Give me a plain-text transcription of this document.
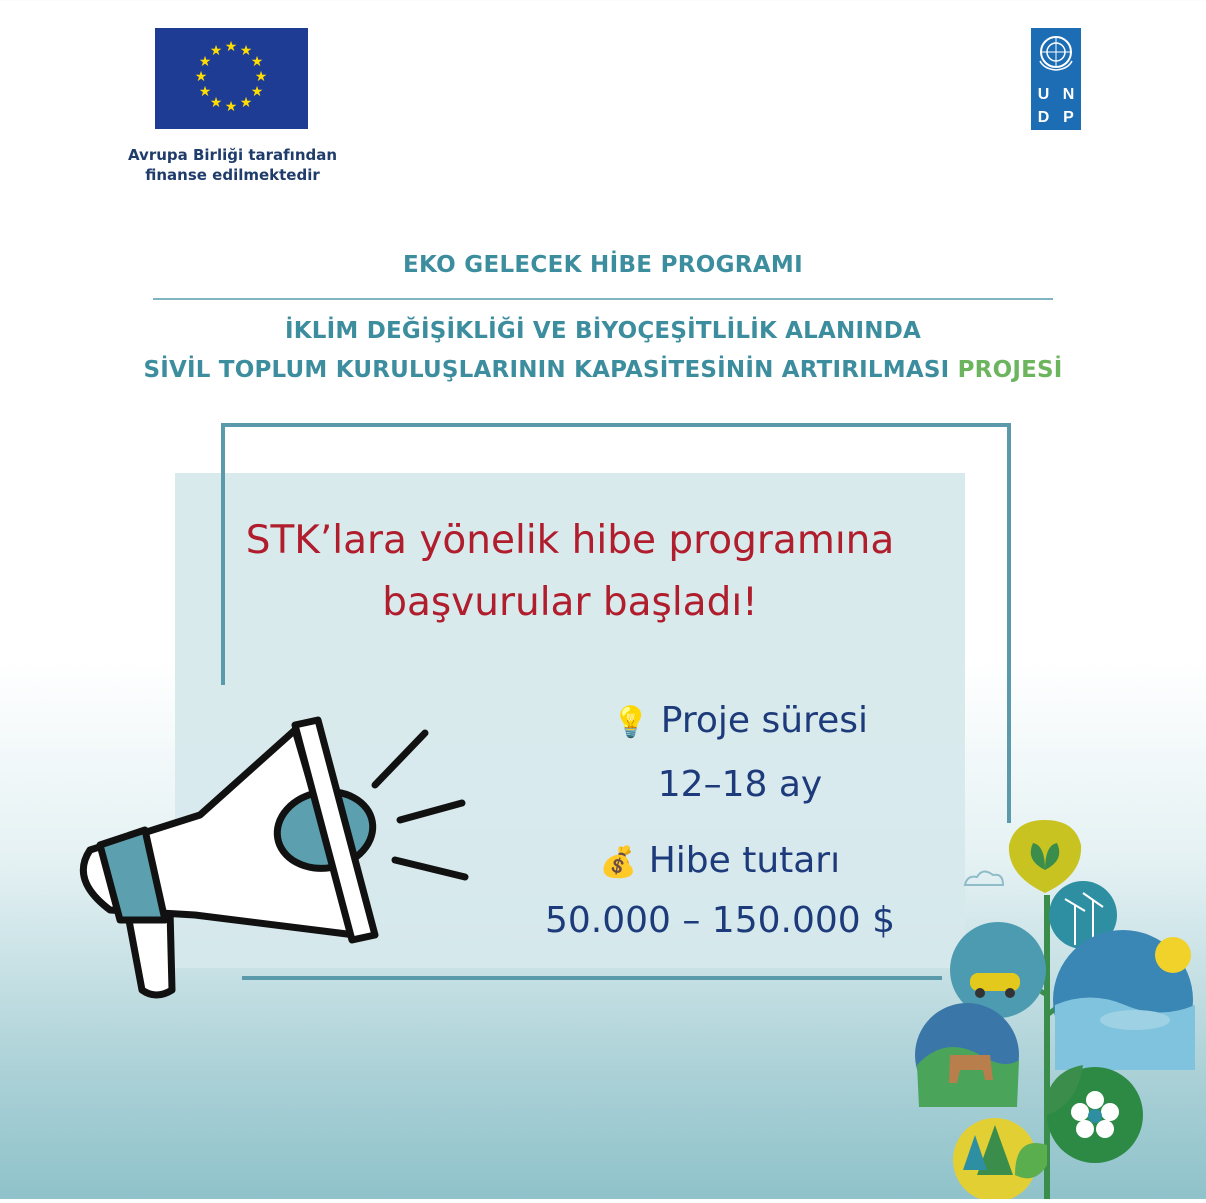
★ ★
★
★
★
★
★
★
★
★
★
★
Avrupa Birliği tarafından
finanse edilmektedir
U N
D P
EKO GELECEK HİBE PROGRAMI
İKLİM DEĞİŞİKLİĞİ VE BİYOÇEŞİTLİLİK ALANINDA
SİVİL TOPLUM KURULUŞLARININ KAPASİTESİNİN ARTIRILMASI PROJESİ
STK’lara yönelik hibe programına
başvurular başladı!
💡 Proje süresi
12–18 ay
💰 Hibe tutarı
50.000 – 150.000 $
